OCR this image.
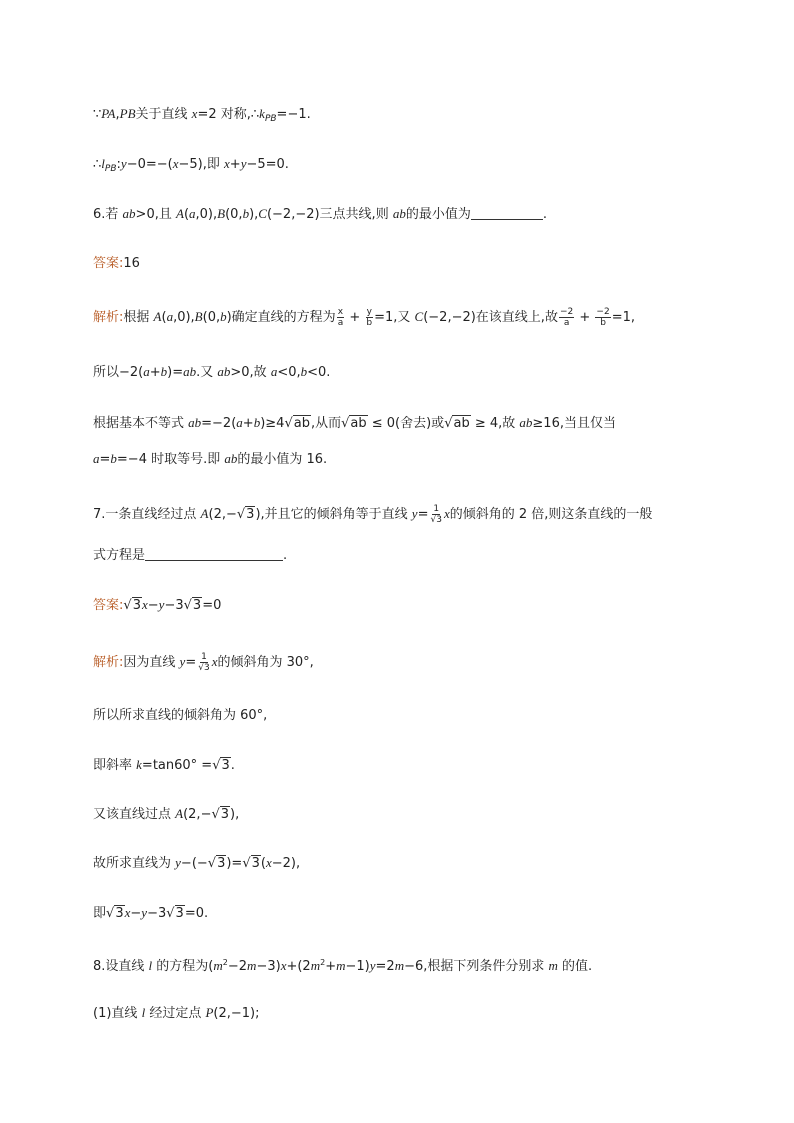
∵PA,PB关于直线 x=2 对称$,\therefore k_{PB}=-1$.
$\therefore l_{PB}:y-0=-(x-5)$,即 x+y−5=0.
6.若 ab>0,且 A(a,0),B(0,b),C(−2,−2)三点共线,则 ab的最小值为	.
答案:16
解析:根据 A(a,0),B(0,b)确定直线的方程为 $\frac{x}{a} + \frac{y}{b} =1$,又 C(−2,−2)在该直线上,故 $\frac{-2}{a} + \frac{-2}{b} =1$,
所以−2(a+b)=ab.又 ab>0,故 a<0,b<0.
根据基本不等式 ab=−2(a+b)≥4√ab,从而√ab ≤ 0(舍去)或√ab ≥ 4,故 ab≥16,当且仅当
a=b=−4 时取等号.即 ab的最小值为 16.
7.一条直线经过点 A(2,−√3),并且它的倾斜角等于直线 $y= \frac{1}{√3}$ x的倾斜角的 2 倍,则这条直线的一般
式方程是	.
答案:√3x−y−3√3=0
解析:因为直线 $y= \frac{1}{√3}$ x的倾斜角为 30°,
所以所求直线的倾斜角为 60°,
即斜率 k=tan60° =√3.
又该直线过点 A(2,−√3),
故所求直线为 y−(−√3)=√3(x−2),
即√3x−y−3√3=0.
8.设直线 l 的方程为$(m^2-2m-3)x+(2m^2+m-1)y=2m-6$,根据下列条件分别求 m 的值.
(1)直线 l 经过定点 P(2,−1);
